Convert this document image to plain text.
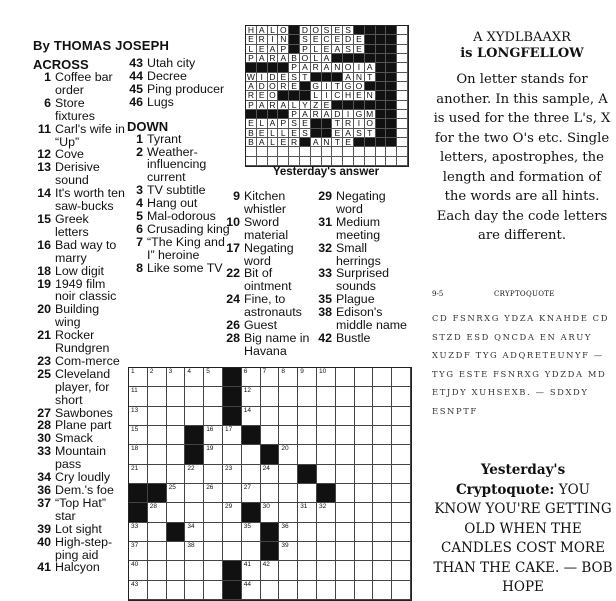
By THOMAS JOSEPH
ACROSS
1 Coffee bar order
6 Store fixtures
11 Carl's wife in “Up”
12 Cove
13 Derisive sound
14 It's worth ten saw-bucks
15 Greek letters
16 Bad way to marry
18 Low digit
19 1949 film noir classic
20 Building wing
21 Rocker Rundgren
23 Com-merce
25 Cleveland player, for short
27 Sawbones
28 Plane part
30 Smack
33 Mountain pass
34 Cry loudly
36 Dem.'s foe
37 “Top Hat” star
39 Lot sight
40 High-step-ping aid
41 Halcyon
43 Utah city
44 Decree
45 Ping producer
46 Lugs
DOWN
1 Tyrant
2 Weather-influencing current
3 TV subtitle
4 Hang out
5 Mal-odorous
6 Crusading king
7 “The King and I” heroine
8 Like some TV
9 Kitchen whistler
10 Sword material
17 Negating word
22 Bit of ointment
24 Fine, to astronauts
26 Guest
28 Big name in Havana
29 Negating word
31 Medium meeting
32 Small herrings
33 Surprised sounds
35 Plague
38 Edison's middle name
42 Bustle
H A L O	D O S E S
E R I N	S E C E D E
L E A P	P L E A S E
P A R A B O L A
P A R A N O I A
W I D E S T	A N T
A D O R E	G I T G O
R E O	L I C H E N
P A R A L Y Z E
P A R A D I G M
E L A P S E	T R I O
B E L L E S	E A S T
B A L E R	A N T E
Yesterday's answer
1 2 3 4 5	6 7 8 9 10
11	12
13	14
15	16 17
18	19	20
21	22	23	24
25	26	27
28	29	30	31 32
33	34	35	36
37	38	39
40	41 42
43	44
A XYDLBAAXR
is LONGFELLOW
On letter stands for another. In this sample, A is used for the three L's, X for the two O's etc. Single letters, apostrophes, the length and formation of the words are all hints. Each day the code letters are different.
9-5	CRYPTOQUOTE
CD FSNRXG YDZA KNAHDE CD STZD ESD QNCDA EN ARUY XUZDF TYG ADQRETEUNYF — TYG ESTE FSNRXG YDZDA MD ETJDY XUHSEXB. — SDXDY ESNPTF
Yesterday's Cryptoquote: YOU KNOW YOU'RE GETTING OLD WHEN THE CANDLES COST MORE THAN THE CAKE. — BOB HOPE
